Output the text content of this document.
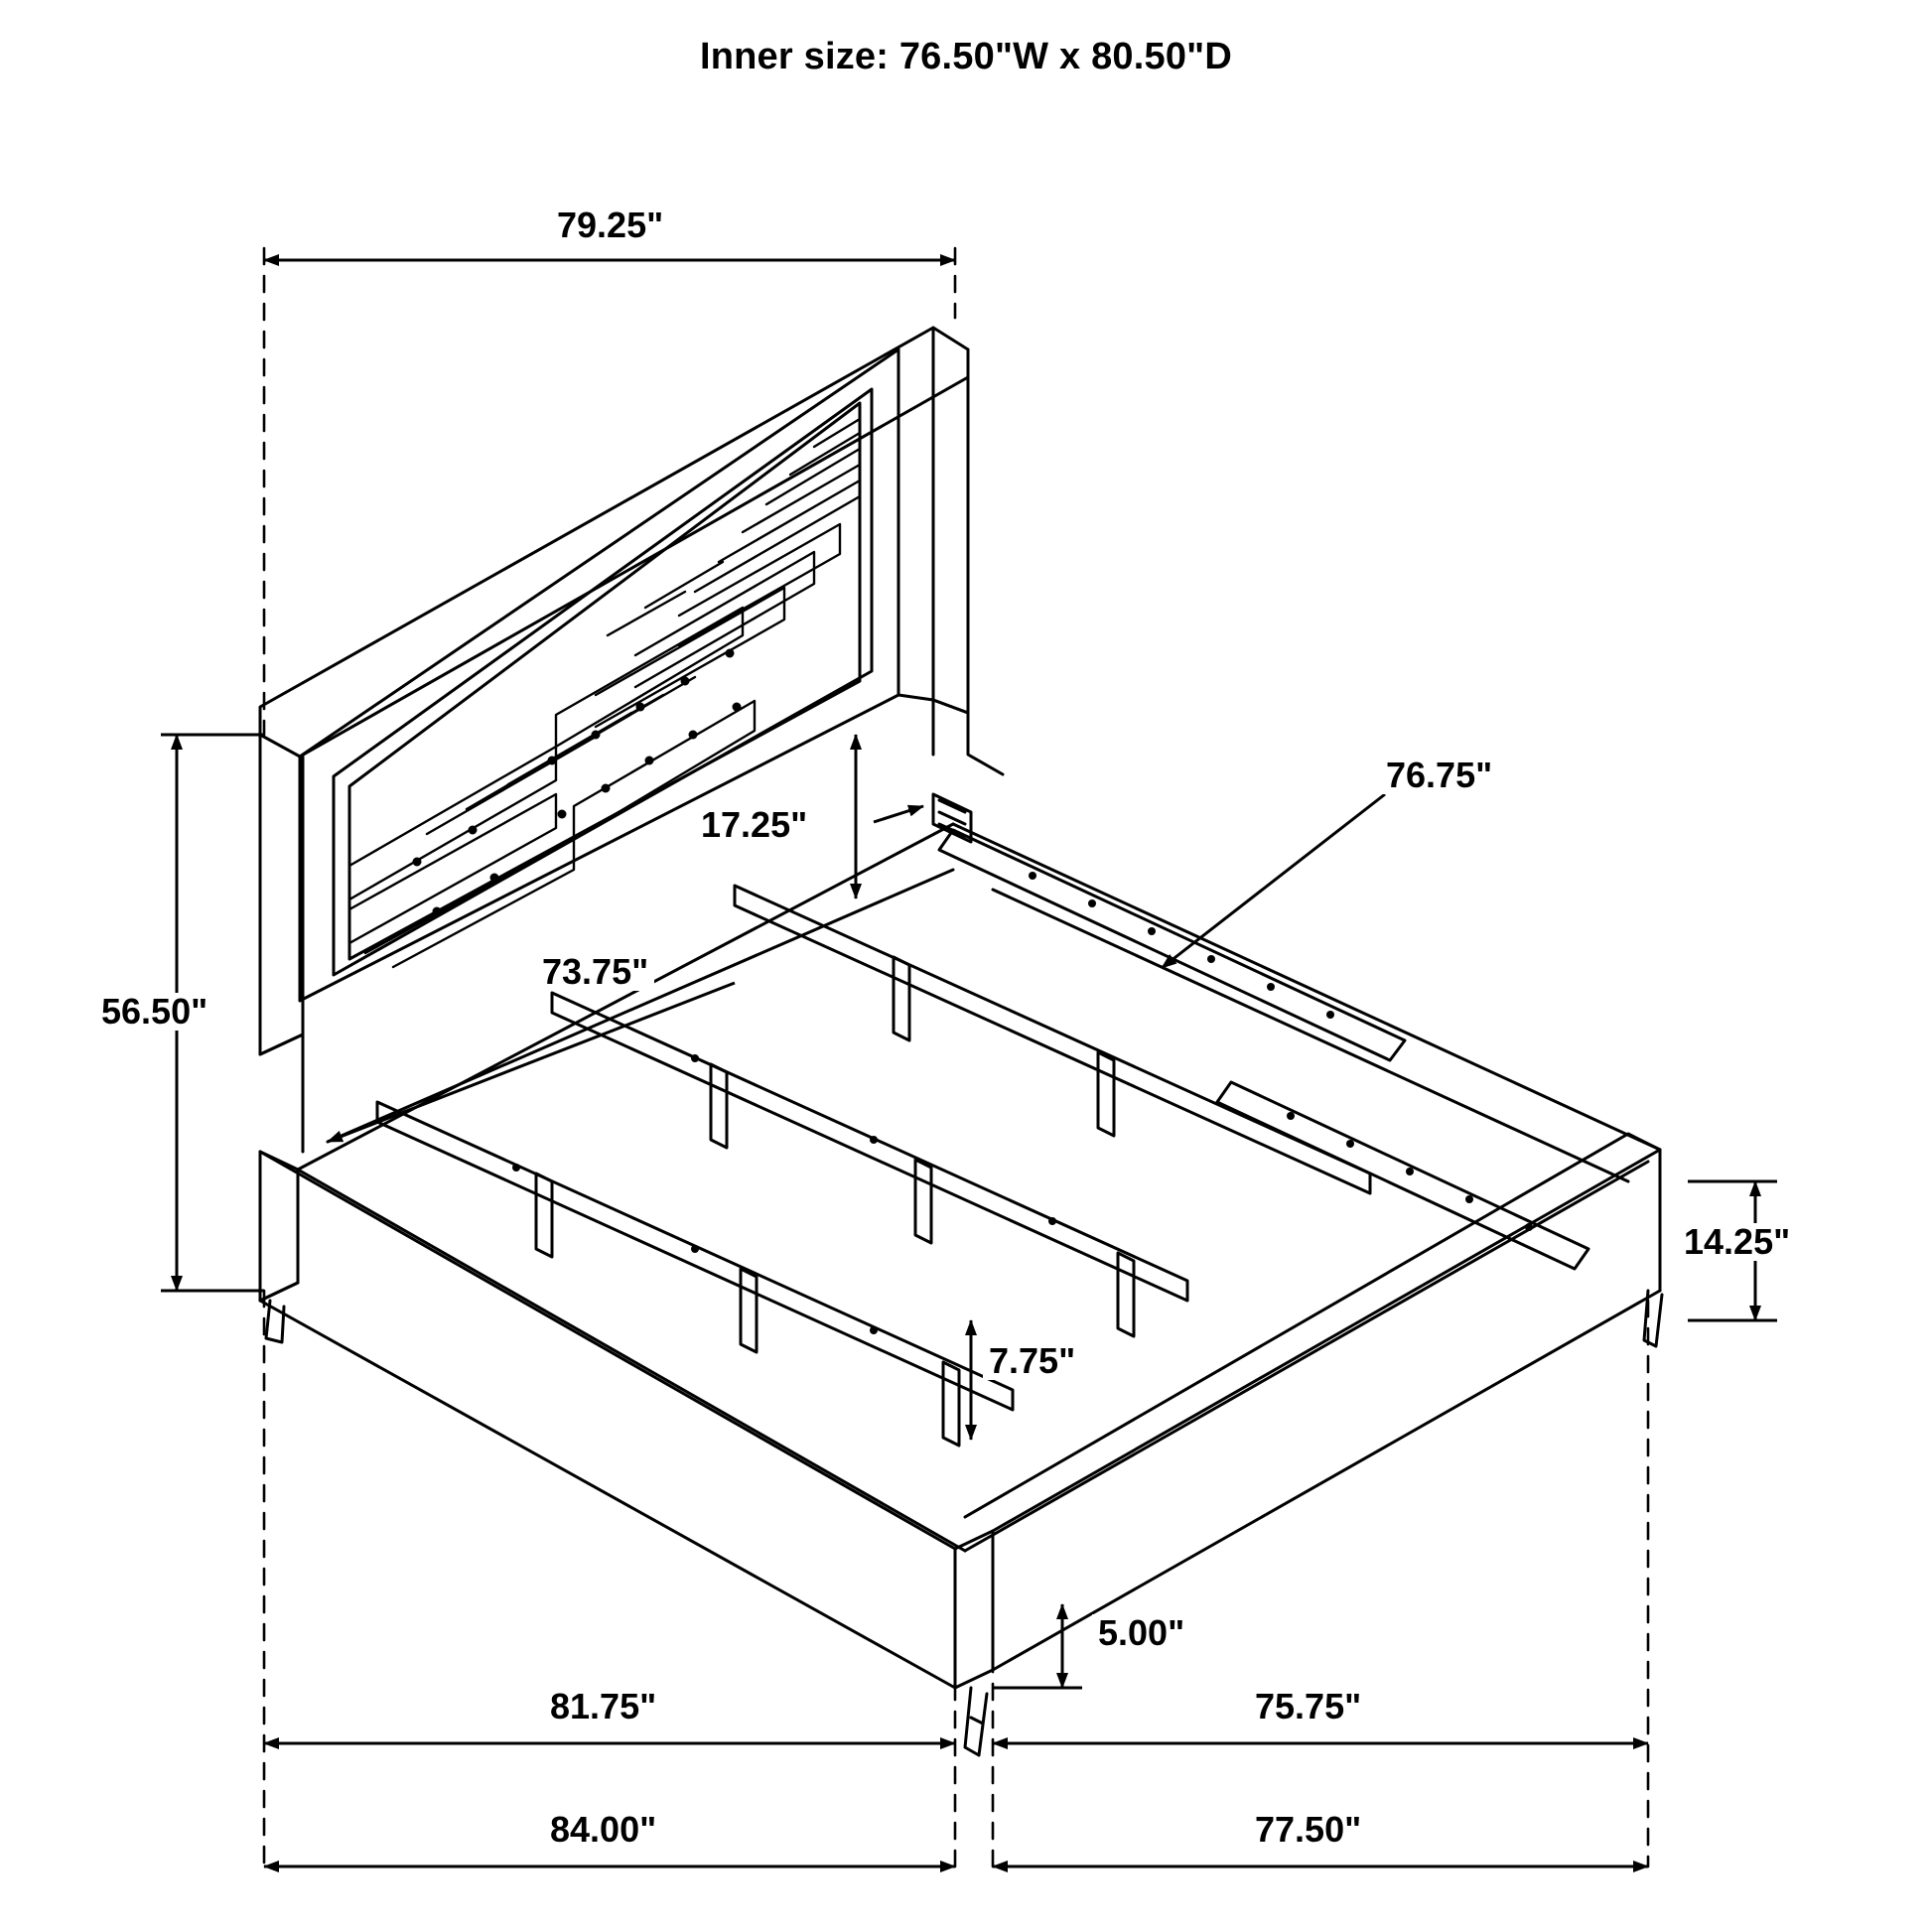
Inner size: 76.50"W x 80.50"D
79.25"
56.50"
17.25"
73.75"
76.75"
14.25"
7.75"
5.00"
81.75"	75.75"
84.00"	77.50"
